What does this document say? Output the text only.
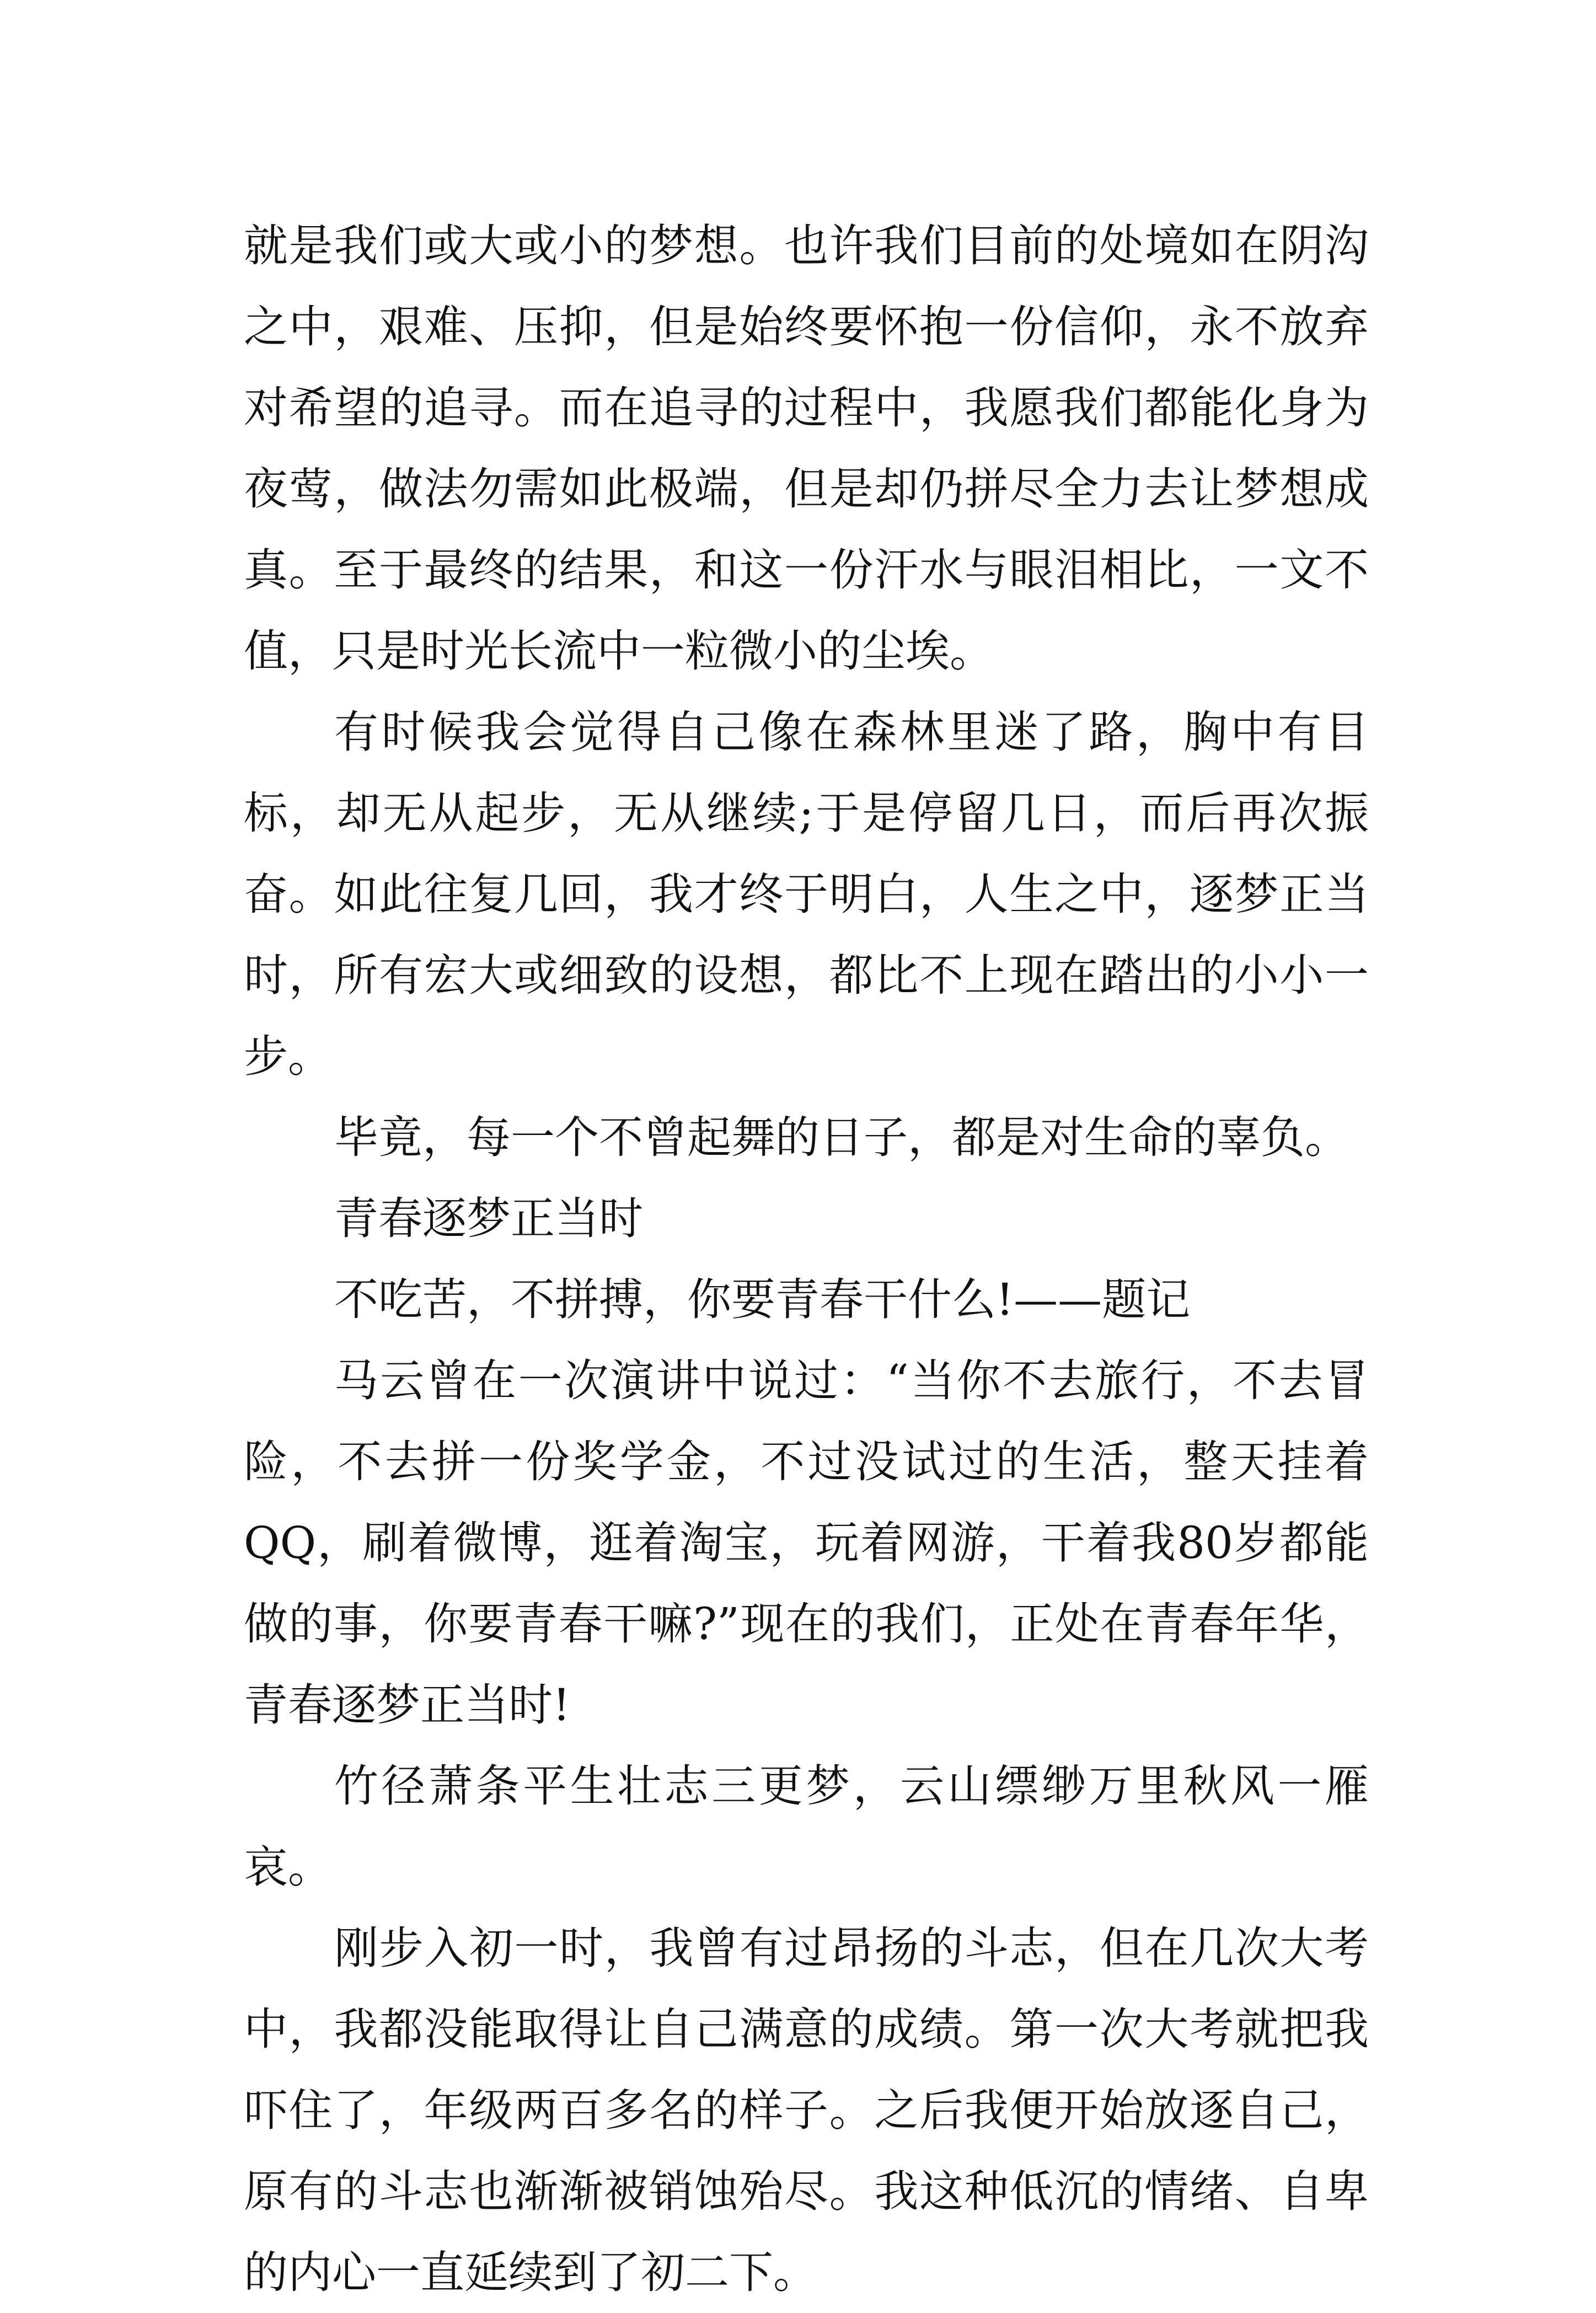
就是我们或大或小的梦想。也许我们目前的处境如在阴沟之中，艰难、压抑，但是始终要怀抱一份信仰，永不放弃对希望的追寻。而在追寻的过程中，我愿我们都能化身为夜莺，做法勿需如此极端，但是却仍拼尽全力去让梦想成真。至于最终的结果，和这一份汗水与眼泪相比，一文不值，只是时光长流中一粒微小的尘埃。

有时候我会觉得自己像在森林里迷了路，胸中有目标，却无从起步，无从继续;于是停留几日，而后再次振奋。如此往复几回，我才终于明白，人生之中，逐梦正当时，所有宏大或细致的设想，都比不上现在踏出的小小一步。

毕竟，每一个不曾起舞的日子，都是对生命的辜负。

青春逐梦正当时

不吃苦，不拼搏，你要青春干什么!——题记

马云曾在一次演讲中说过：“当你不去旅行，不去冒险，不去拼一份奖学金，不过没试过的生活，整天挂着QQ，刷着微博，逛着淘宝，玩着网游，干着我80岁都能做的事，你要青春干嘛?”现在的我们，正处在青春年华，青春逐梦正当时!

竹径萧条平生壮志三更梦，云山缥缈万里秋风一雁哀。

刚步入初一时，我曾有过昂扬的斗志，但在几次大考中，我都没能取得让自己满意的成绩。第一次大考就把我吓住了，年级两百多名的样子。之后我便开始放逐自己，原有的斗志也渐渐被销蚀殆尽。我这种低沉的情绪、自卑的内心一直延续到了初二下。
